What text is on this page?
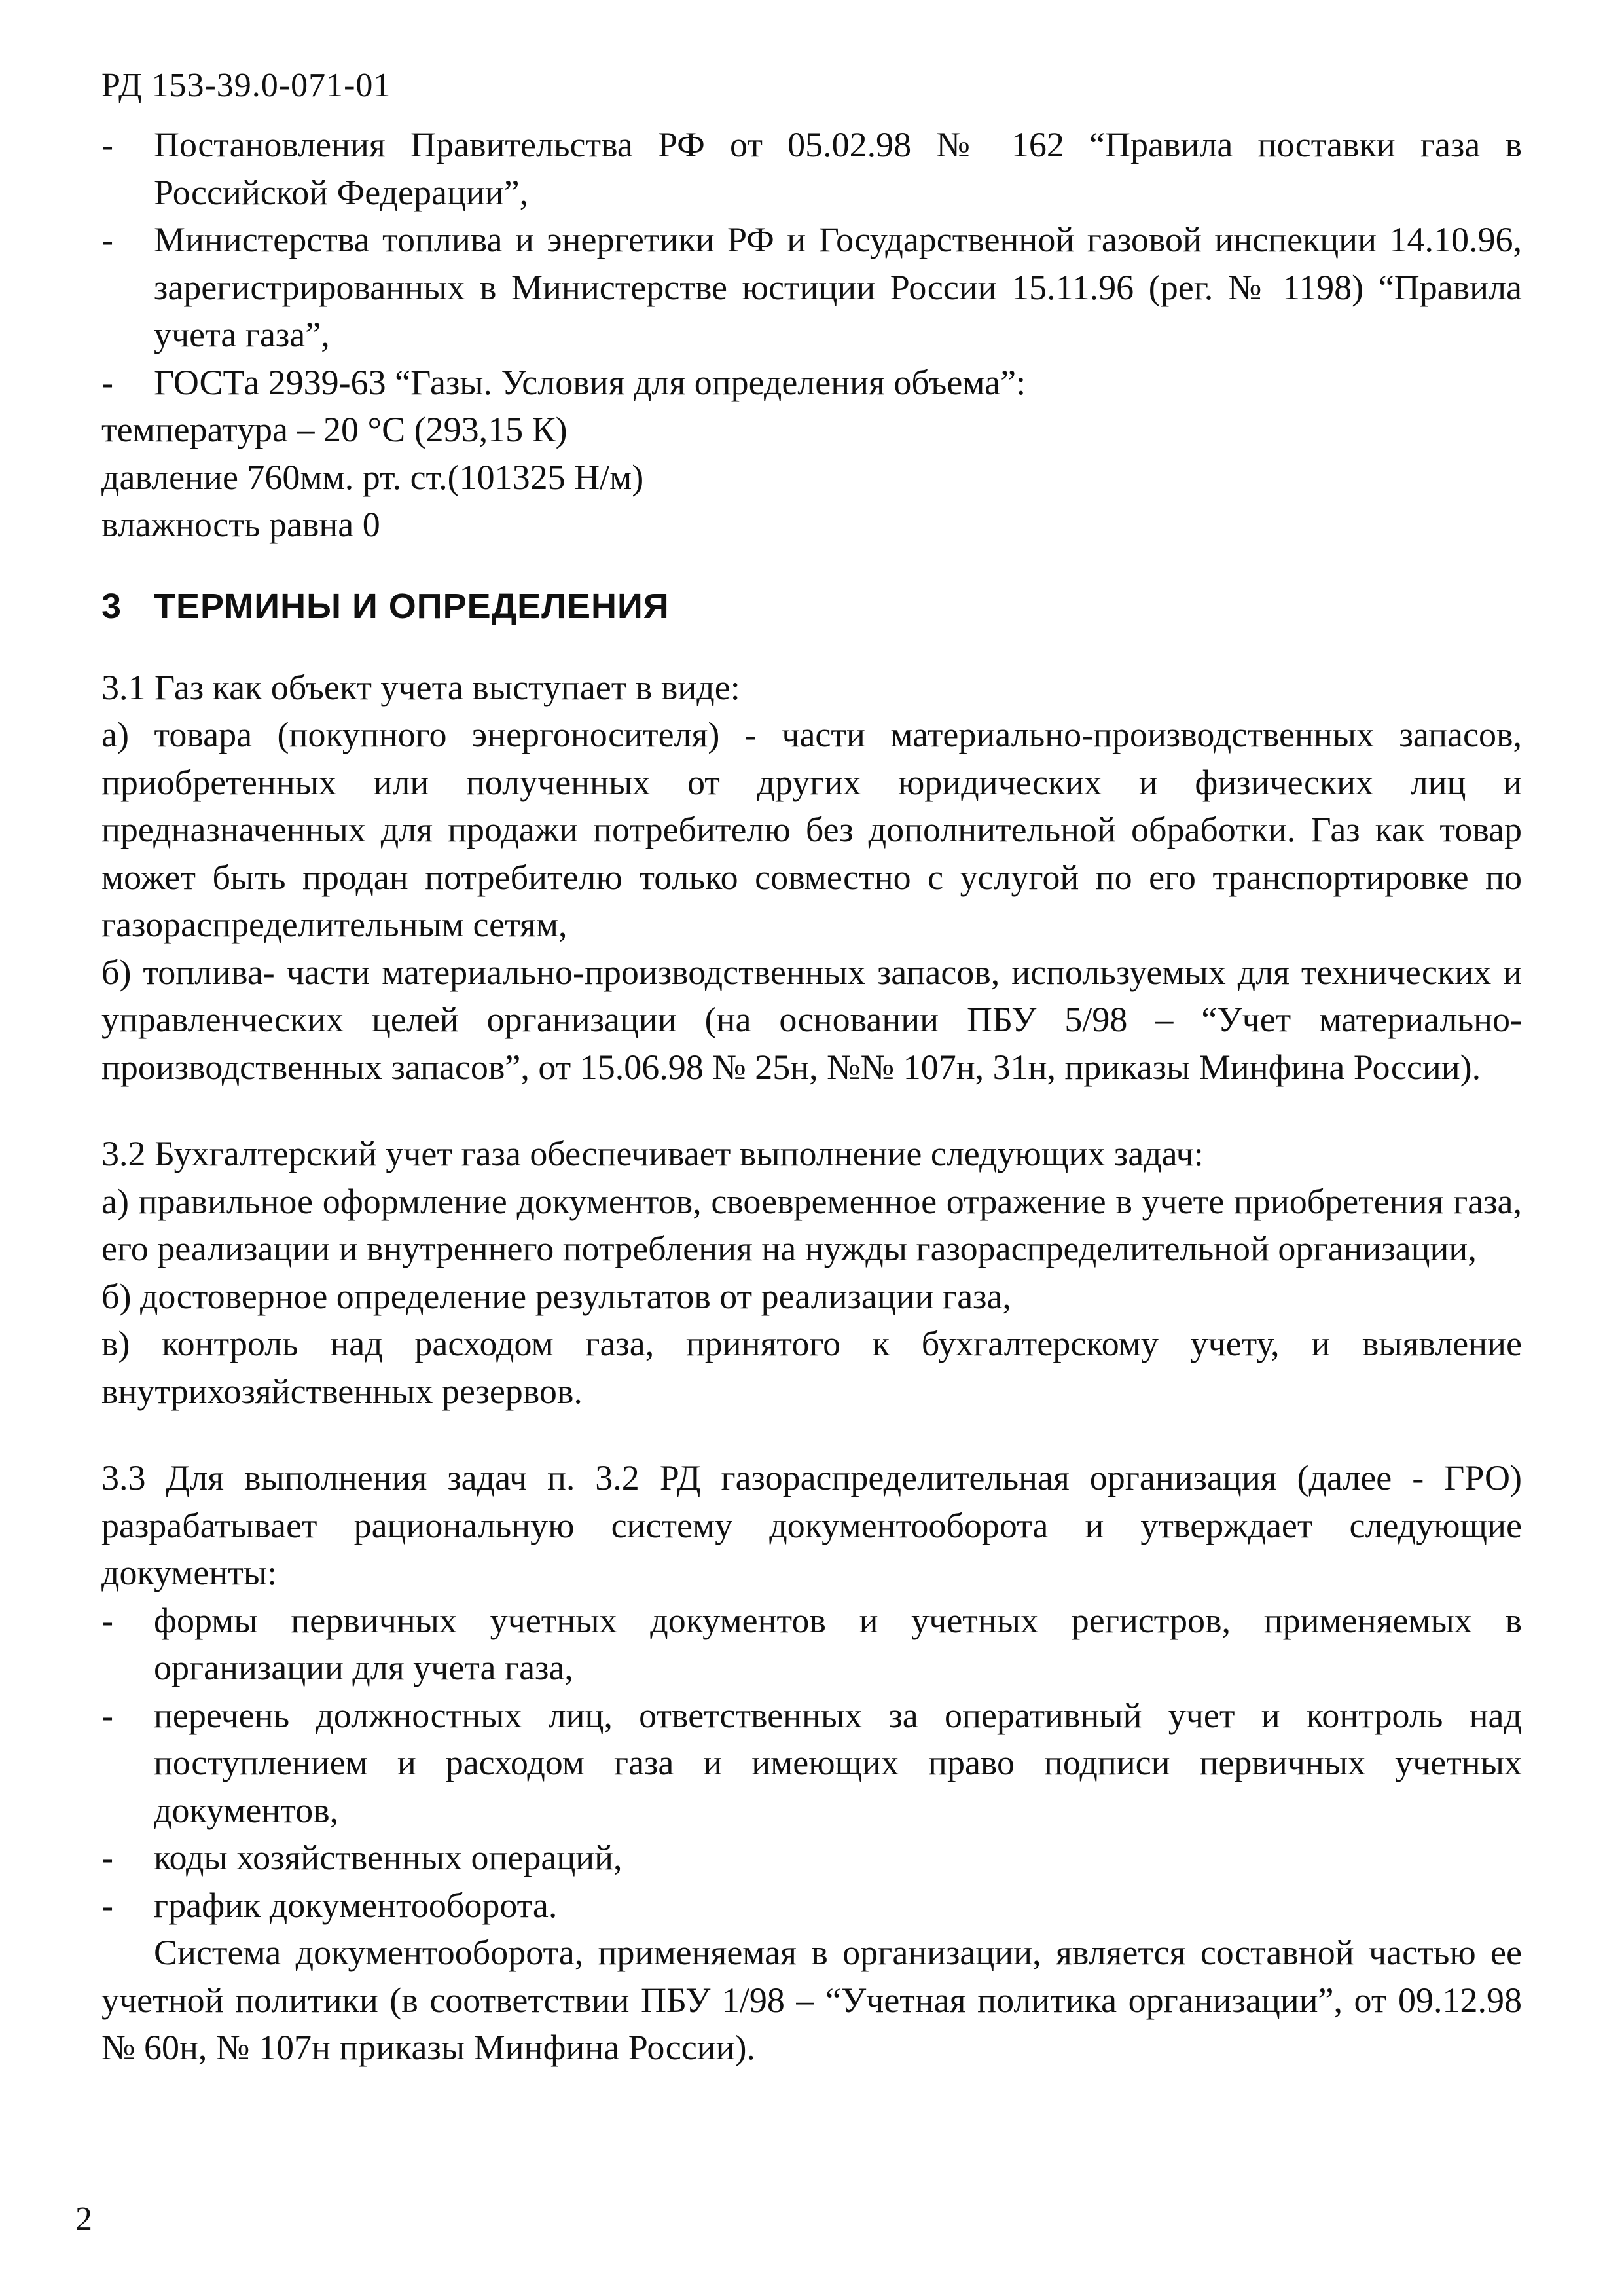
РД 153-39.0-071-01

- Постановления Правительства РФ от 05.02.98 № 162 “Правила поставки газа в Российской Федерации”,

- Министерства топлива и энергетики РФ и Государственной газовой инспекции 14.10.96, зарегистрированных в Министерстве юстиции России 15.11.96 (рег. № 1198) “Правила учета газа”,

- ГОСТа 2939-63 “Газы. Условия для определения объема”:

температура – 20 °С (293,15 К)

давление 760мм. рт. ст.(101325 Н/м)

влажность равна 0

3 ТЕРМИНЫ И ОПРЕДЕЛЕНИЯ

3.1 Газ как объект учета выступает в виде:

а) товара (покупного энергоносителя) - части материально-производственных запасов, приобретенных или полученных от других юридических и физических лиц и предназначенных для продажи потребителю без дополнительной обработки. Газ как товар может быть продан потребителю только совместно с услугой по его транспортировке по газораспределительным сетям,

б) топлива- части материально-производственных запасов, используемых для технических и управленческих целей организации (на основании ПБУ 5/98 – “Учет материально-производственных запасов”, от 15.06.98 № 25н, №№ 107н, 31н, приказы Минфина России).

3.2 Бухгалтерский учет газа обеспечивает выполнение следующих задач:

а) правильное оформление документов, своевременное отражение в учете приобретения газа, его реализации и внутреннего потребления на нужды газораспределительной организации,

б) достоверное определение результатов от реализации газа,

в) контроль над расходом газа, принятого к бухгалтерскому учету, и выявление внутрихозяйственных резервов.

3.3 Для выполнения задач п. 3.2 РД газораспределительная организация (далее - ГРО) разрабатывает рациональную систему документооборота и утверждает следующие документы:

- формы первичных учетных документов и учетных регистров, применяемых в организации для учета газа,

- перечень должностных лиц, ответственных за оперативный учет и контроль над поступлением и расходом газа и имеющих право подписи первичных учетных документов,

- коды хозяйственных операций,

- график документооборота.

Система документооборота, применяемая в организации, является составной частью ее учетной политики (в соответствии ПБУ 1/98 – “Учетная политика организации”, от 09.12.98 № 60н, № 107н приказы Минфина России).

2
